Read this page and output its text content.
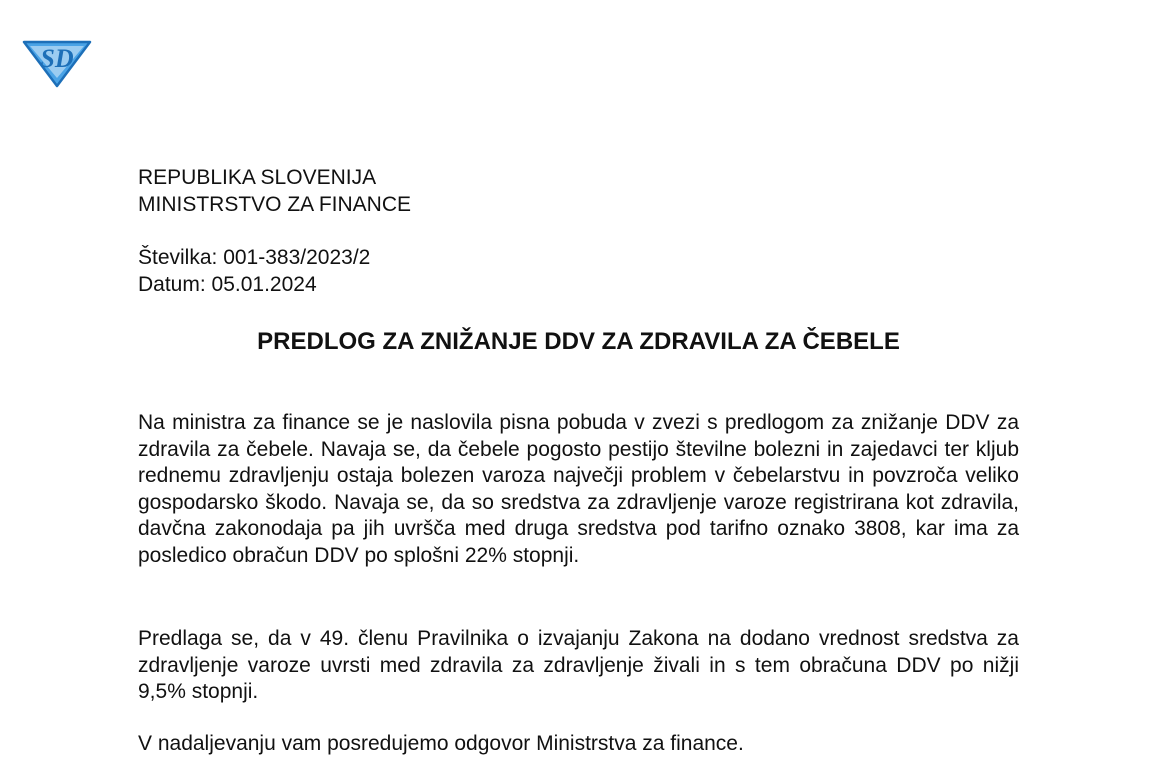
SD
REPUBLIKA SLOVENIJA
MINISTRSTVO ZA FINANCE
Številka: 001-383/2023/2
Datum: 05.01.2024
PREDLOG ZA ZNIŽANJE DDV ZA ZDRAVILA ZA ČEBELE

Na ministra za finance se je naslovila pisna pobuda v zvezi s predlogom za znižanje DDV za zdravila za čebele. Navaja se, da čebele pogosto pestijo številne bolezni in zajedavci ter kljub rednemu zdravljenju ostaja bolezen varoza največji problem v čebelarstvu in povzroča veliko gospodarsko škodo. Navaja se, da so sredstva za zdravljenje varoze registrirana kot zdravila, davčna zakonodaja pa jih uvršča med druga sredstva pod tarifno oznako 3808, kar ima za posledico obračun DDV po splošni 22% stopnji.

Predlaga se, da v 49. členu Pravilnika o izvajanju Zakona na dodano vrednost sredstva za zdravljenje varoze uvrsti med zdravila za zdravljenje živali in s tem obračuna DDV po nižji 9,5% stopnji.

V nadaljevanju vam posredujemo odgovor Ministrstva za finance.
